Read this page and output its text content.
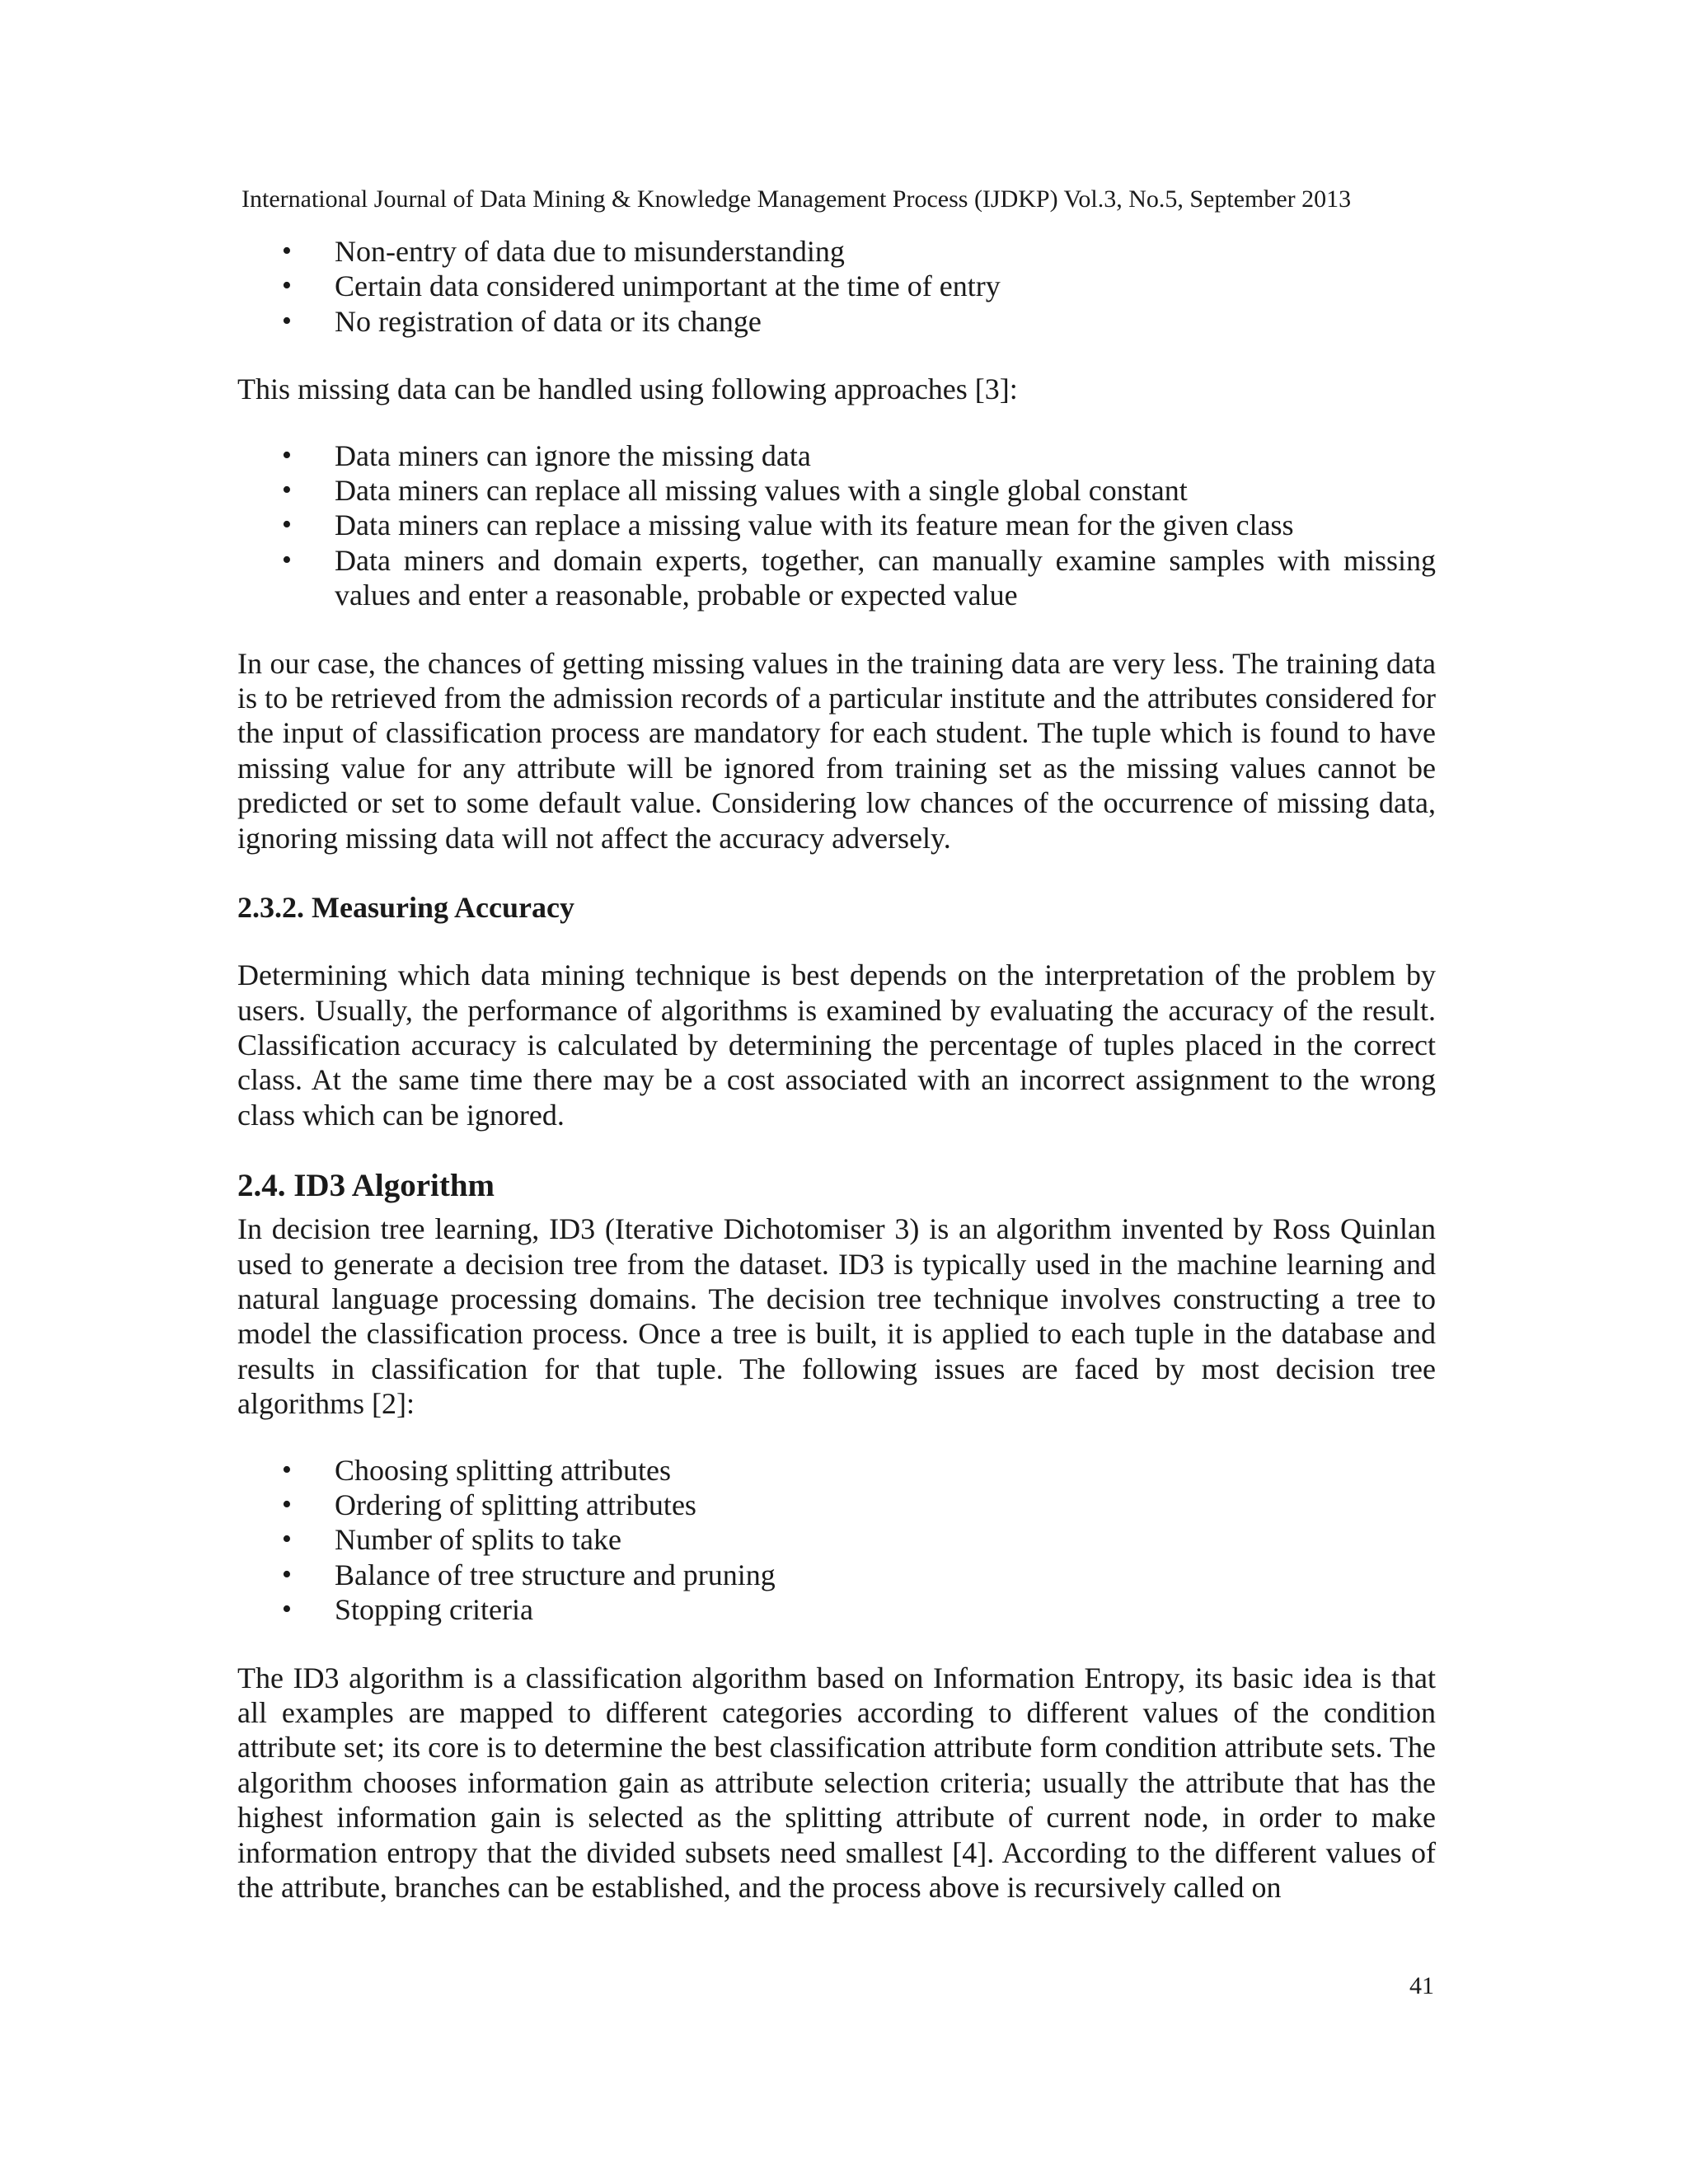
International Journal of Data Mining & Knowledge Management Process (IJDKP) Vol.3, No.5, September 2013
• Non-entry of data due to misunderstanding
• Certain data considered unimportant at the time of entry
• No registration of data or its change

This missing data can be handled using following approaches [3]:

• Data miners can ignore the missing data
• Data miners can replace all missing values with a single global constant
• Data miners can replace a missing value with its feature mean for the given class
• Data miners and domain experts, together, can manually examine samples with missing values and enter a reasonable, probable or expected value

In our case, the chances of getting missing values in the training data are very less. The training data is to be retrieved from the admission records of a particular institute and the attributes considered for the input of classification process are mandatory for each student. The tuple which is found to have missing value for any attribute will be ignored from training set as the missing values cannot be predicted or set to some default value. Considering low chances of the occurrence of missing data, ignoring missing data will not affect the accuracy adversely.

2.3.2. Measuring Accuracy

Determining which data mining technique is best depends on the interpretation of the problem by users. Usually, the performance of algorithms is examined by evaluating the accuracy of the result. Classification accuracy is calculated by determining the percentage of tuples placed in the correct class. At the same time there may be a cost associated with an incorrect assignment to the wrong class which can be ignored.

2.4. ID3 Algorithm

In decision tree learning, ID3 (Iterative Dichotomiser 3) is an algorithm invented by Ross Quinlan used to generate a decision tree from the dataset. ID3 is typically used in the machine learning and natural language processing domains. The decision tree technique involves constructing a tree to model the classification process. Once a tree is built, it is applied to each tuple in the database and results in classification for that tuple. The following issues are faced by most decision tree algorithms [2]:

• Choosing splitting attributes
• Ordering of splitting attributes
• Number of splits to take
• Balance of tree structure and pruning
• Stopping criteria

The ID3 algorithm is a classification algorithm based on Information Entropy, its basic idea is that all examples are mapped to different categories according to different values of the condition attribute set; its core is to determine the best classification attribute form condition attribute sets. The algorithm chooses information gain as attribute selection criteria; usually the attribute that has the highest information gain is selected as the splitting attribute of current node, in order to make information entropy that the divided subsets need smallest [4]. According to the different values of the attribute, branches can be established, and the process above is recursively called on

41
